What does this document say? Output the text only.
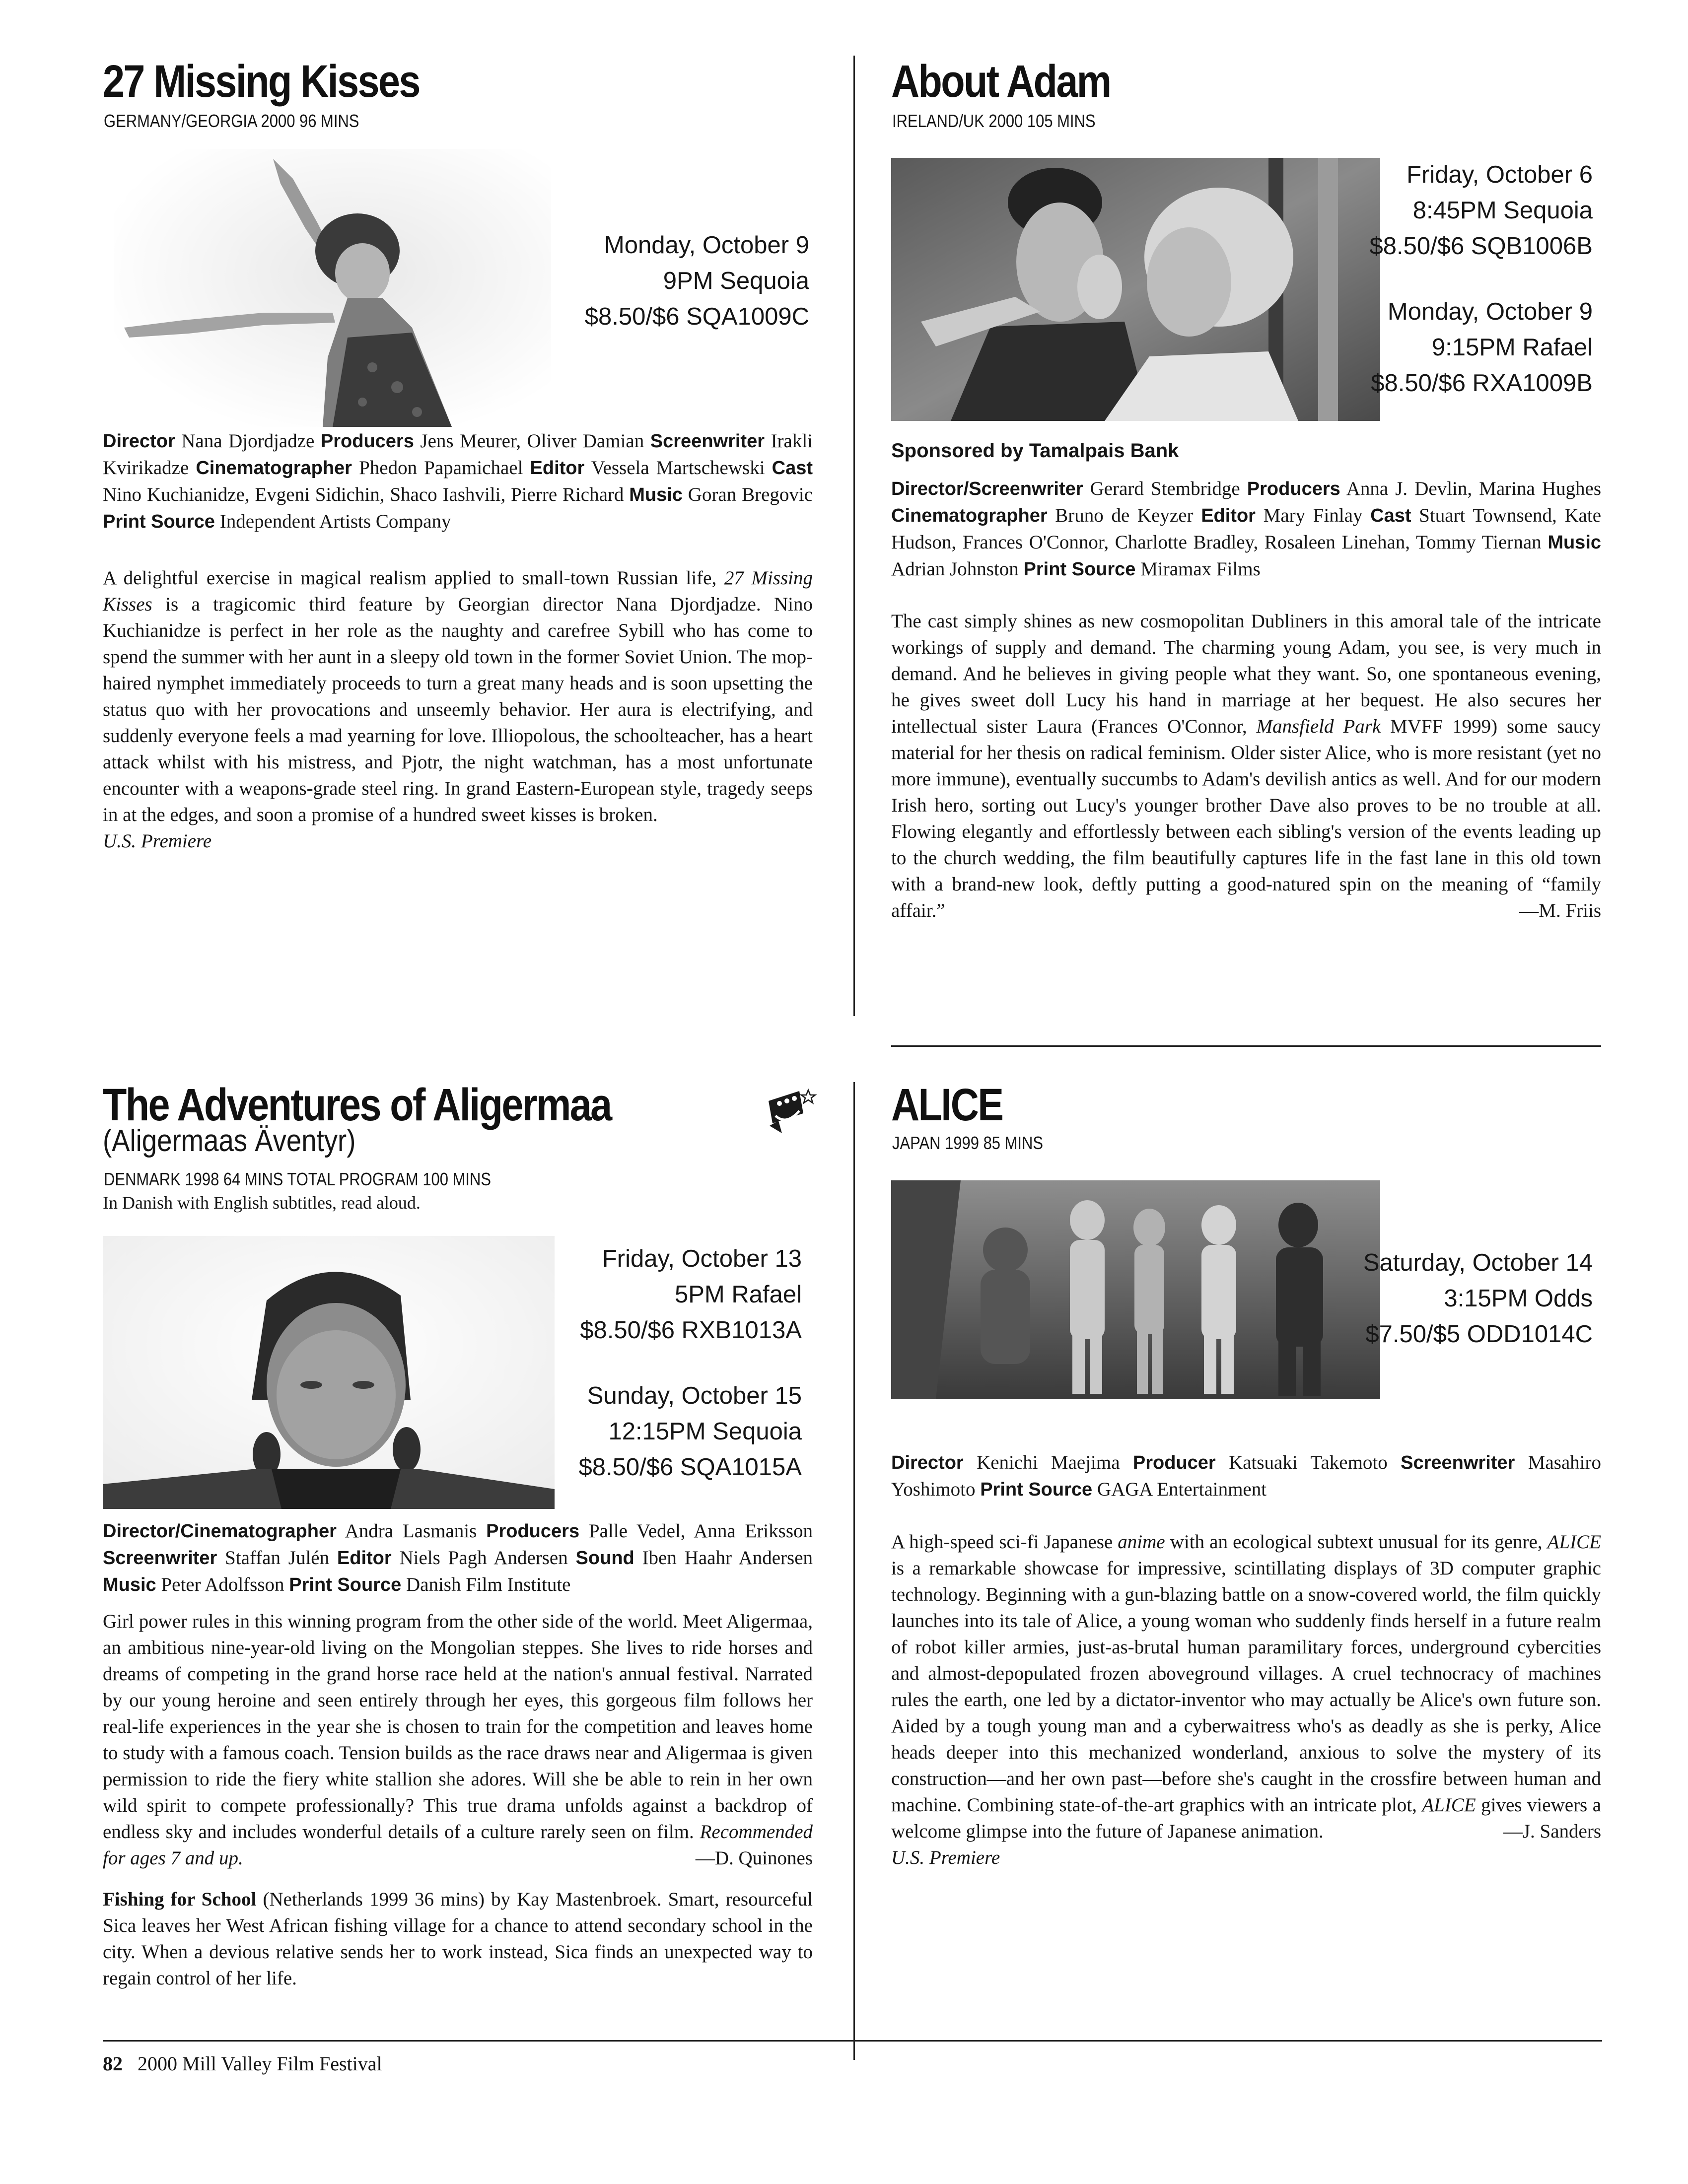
27 Missing Kisses
GERMANY/GEORGIA 2000 96 MINS
Monday, October 9
9PM Sequoia
$8.50/$6 SQA1009C
Director Nana Djordjadze Producers Jens Meurer, Oliver Damian Screenwriter Irakli Kvirikadze Cinematographer Phedon Papamichael Editor Vessela Martschewski Cast Nino Kuchianidze, Evgeni Sidichin, Shaco Iashvili, Pierre Richard Music Goran Bregovic Print Source Independent Artists Company
A delightful exercise in magical realism applied to small-town Russian life, 27 Missing Kisses is a tragicomic third feature by Georgian director Nana Djordjadze. Nino Kuchianidze is perfect in her role as the naughty and carefree Sybill who has come to spend the summer with her aunt in a sleepy old town in the former Soviet Union. The mop-haired nymphet immediately proceeds to turn a great many heads and is soon upsetting the status quo with her provocations and unseemly behavior. Her aura is electrifying, and suddenly everyone feels a mad yearning for love. Illiopolous, the schoolteacher, has a heart attack whilst with his mistress, and Pjotr, the night watchman, has a most unfortunate encounter with a weapons-grade steel ring. In grand Eastern-European style, tragedy seeps in at the edges, and soon a promise of a hundred sweet kisses is broken.
U.S. Premiere
About Adam
IRELAND/UK 2000 105 MINS
Friday, October 6
8:45PM Sequoia
$8.50/$6 SQB1006B
Monday, October 9
9:15PM Rafael
$8.50/$6 RXA1009B
Sponsored by Tamalpais Bank
Director/Screenwriter Gerard Stembridge Producers Anna J. Devlin, Marina Hughes Cinematographer Bruno de Keyzer Editor Mary Finlay Cast Stuart Townsend, Kate Hudson, Frances O'Connor, Charlotte Bradley, Rosaleen Linehan, Tommy Tiernan Music Adrian Johnston Print Source Miramax Films
The cast simply shines as new cosmopolitan Dubliners in this amoral tale of the intricate workings of supply and demand. The charming young Adam, you see, is very much in demand. And he believes in giving people what they want. So, one spontaneous evening, he gives sweet doll Lucy his hand in marriage at her bequest. He also secures her intellectual sister Laura (Frances O'Connor, Mansfield Park MVFF 1999) some saucy material for her thesis on radical feminism. Older sister Alice, who is more resistant (yet no more immune), eventually succumbs to Adam's devilish antics as well. And for our modern Irish hero, sorting out Lucy's younger brother Dave also proves to be no trouble at all. Flowing elegantly and effortlessly between each sibling's version of the events leading up to the church wedding, the film beautifully captures life in the fast lane in this old town with a brand-new look, deftly putting a good-natured spin on the meaning of “family affair.”	—M. Friis
The Adventures of Aligermaa
(Aligermaas Äventyr)
DENMARK 1998 64 MINS TOTAL PROGRAM 100 MINS
In Danish with English subtitles, read aloud.
Friday, October 13
5PM Rafael
$8.50/$6 RXB1013A
Sunday, October 15
12:15PM Sequoia
$8.50/$6 SQA1015A
Director/Cinematographer Andra Lasmanis Producers Palle Vedel, Anna Eriksson Screenwriter Staffan Julén Editor Niels Pagh Andersen Sound Iben Haahr Andersen Music Peter Adolfsson Print Source Danish Film Institute
Girl power rules in this winning program from the other side of the world. Meet Aligermaa, an ambitious nine-year-old living on the Mongolian steppes. She lives to ride horses and dreams of competing in the grand horse race held at the nation's annual festival. Narrated by our young heroine and seen entirely through her eyes, this gorgeous film follows her real-life experiences in the year she is chosen to train for the competition and leaves home to study with a famous coach. Tension builds as the race draws near and Aligermaa is given permission to ride the fiery white stallion she adores. Will she be able to rein in her own wild spirit to compete professionally? This true drama unfolds against a backdrop of endless sky and includes wonderful details of a culture rarely seen on film. Recommended for ages 7 and up.	—D. Quinones
Fishing for School (Netherlands 1999 36 mins) by Kay Mastenbroek. Smart, resourceful Sica leaves her West African fishing village for a chance to attend secondary school in the city. When a devious relative sends her to work instead, Sica finds an unexpected way to regain control of her life.
ALICE
JAPAN 1999 85 MINS
Saturday, October 14
3:15PM Odds
$7.50/$5 ODD1014C
Director Kenichi Maejima Producer Katsuaki Takemoto Screenwriter Masahiro Yoshimoto Print Source GAGA Entertainment
A high-speed sci-fi Japanese anime with an ecological subtext unusual for its genre, ALICE is a remarkable showcase for impressive, scintillating displays of 3D computer graphic technology. Beginning with a gun-blazing battle on a snow-covered world, the film quickly launches into its tale of Alice, a young woman who suddenly finds herself in a future realm of robot killer armies, just-as-brutal human paramilitary forces, underground cybercities and almost-depopulated frozen aboveground villages. A cruel technocracy of machines rules the earth, one led by a dictator-inventor who may actually be Alice's own future son. Aided by a tough young man and a cyberwaitress who's as deadly as she is perky, Alice heads deeper into this mechanized wonderland, anxious to solve the mystery of its construction—and her own past—before she's caught in the crossfire between human and machine. Combining state-of-the-art graphics with an intricate plot, ALICE gives viewers a welcome glimpse into the future of Japanese animation.	—J. Sanders
U.S. Premiere
82 2000 Mill Valley Film Festival
